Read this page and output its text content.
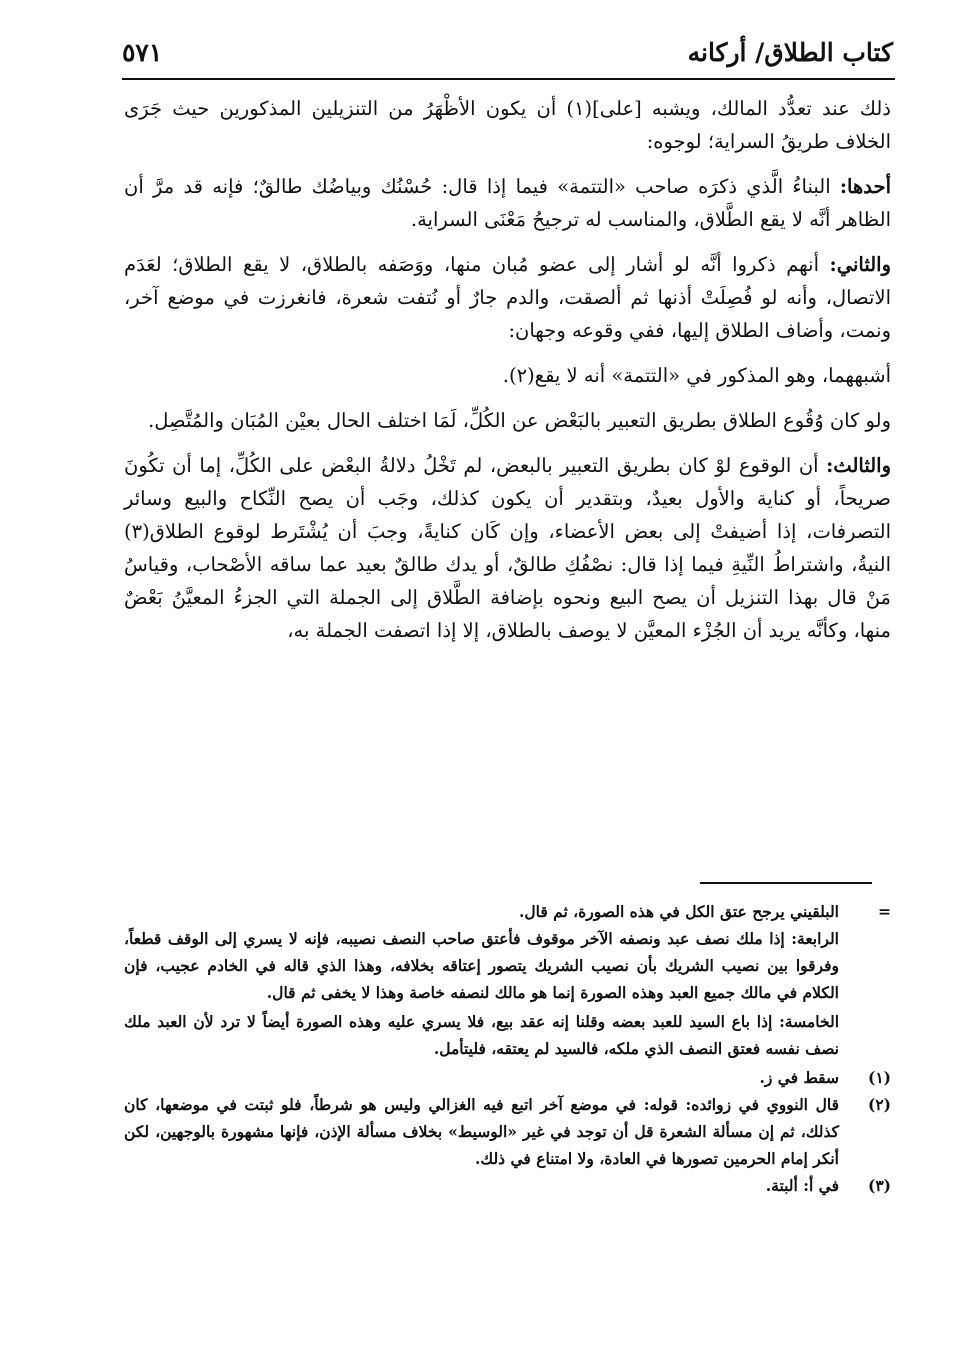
كتاب الطلاق/ أركانه
٥٧١

ذلك عند تعدُّد المالك، ويشبه [على](١) أن يكون الأظْهَرُ من التنزيلين المذكورين حيث جَرَى الخلاف طريقُ السراية؛ لوجوه:

أحدها: البناءُ الَّذي ذكرَه صاحب «التتمة» فيما إذا قال: حُسْنُك وبياضُك طالقٌ؛ فإنه قد مرَّ أن الظاهر أنَّه لا يقع الطَّلاق، والمناسب له ترجيحُ مَعْنَى السراية.

والثاني: أنهم ذكروا أنَّه لو أشار إلى عضو مُبان منها، ووَصَفه بالطلاق، لا يقع الطلاق؛ لعَدَم الاتصال، وأنه لو فُصِلَتْ أذنها ثم ألصقت، والدم جارٌ أو نُتفت شعرة، فانغرزت في موضع آخر، ونمت، وأضاف الطلاق إليها، ففي وقوعه وجهان:

أشبههما، وهو المذكور في «التتمة» أنه لا يقع(٢).

ولو كان وُقُوع الطلاق بطريق التعبير بالبَعْض عن الكُلِّ، لَمَا اختلف الحال بعيْن المُبَان والمُتَّصِل.

والثالث: أن الوقوع لوْ كان بطريق التعبير بالبعض، لم تَخْلُ دلالةُ البعْض على الكُلِّ، إما أن تكُونَ صريحاً، أو كناية والأول بعيدٌ، وبتقدير أن يكون كذلك، وجَب أن يصح النِّكاح والبيع وسائر التصرفات، إذا أضيفتْ إلى بعض الأعضاء، وإن كَان كنايةً، وجبَ أن يُشْتَرط لوقوع الطلاق(٣) النيةُ، واشتراطُ النِّيةِ فيما إذا قال: نصْفُكِ طالقٌ، أو يدك طالقٌ بعيد عما ساقه الأصْحاب، وقياسُ مَنْ قال بهذا التنزيل أن يصح البيع ونحوه بإضافة الطَّلاق إلى الجملة التي الجزءُ المعيَّنُ بَعْضٌ منها، وكأنَّه يريد أن الجُزْء المعيَّن لا يوصف بالطلاق، إلا إذا اتصفت الجملة به،

=
البلقيني يرجح عتق الكل في هذه الصورة، ثم قال.

الرابعة: إذا ملك نصف عبد ونصفه الآخر موقوف فأعتق صاحب النصف نصيبه، فإنه لا يسري إلى الوقف قطعاً، وفرقوا بين نصيب الشريك بأن نصيب الشريك يتصور إعتاقه بخلافه، وهذا الذي قاله في الخادم عجيب، فإن الكلام في مالك جميع العبد وهذه الصورة إنما هو مالك لنصفه خاصة وهذا لا يخفى ثم قال.

الخامسة: إذا باع السيد للعبد بعضه وقلنا إنه عقد بيع، فلا يسري عليه وهذه الصورة أيضاً لا ترد لأن العبد ملك نصف نفسه فعتق النصف الذي ملكه، فالسيد لم يعتقه، فليتأمل.

(١)
سقط في ز.
(٢)
قال النووي في زوائده: قوله: في موضع آخر اتبع فيه الغزالي وليس هو شرطاً، فلو ثبتت في موضعها، كان كذلك، ثم إن مسألة الشعرة قل أن توجد في غير «الوسيط» بخلاف مسألة الإذن، فإنها مشهورة بالوجهين، لكن أنكر إمام الحرمين تصورها في العادة، ولا امتناع في ذلك.
(٣)
في أ: ألبتة.
